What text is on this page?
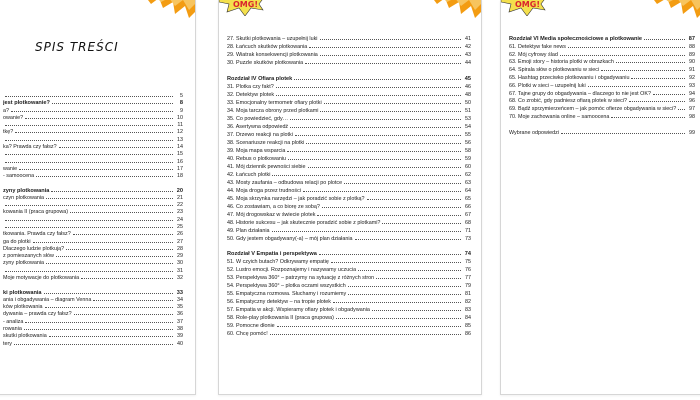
SPIS TREŚCI
5
jest plotkowanie?	8
a?	9
owanie?	10
11
tkę?	12
13
ka? Prawda czy fałsz?	14
15
16
wanie	17
- samoocena	18
zyny plotkowania	20
czyn plotkowania	21
22
kowania II (praca grupowa)	23
24
25
tkowania. Prawda czy fałsz?	26
ga do plotki	27
Dlaczego ludzie plotkują?	28
z pomieszanych słów	29
zyny plotkowania	30
31
Moje motywacje do plotkowania	32
ki plotkowania	33
ania i obgadywania – diagram Venna	34
ków plotkowania	35
dywania – prawda czy fałsz?	36
- analiza	37
rowania	38
skutki plotkowania	39
tery	40
OMG!
27. Skutki plotkowania – uzupełnij luki	41
28. Łańcuch skutków plotkowania	42
29. Wiatrak konsekwencji plotkowania	43
30. Puzzle skutków plotkowania	44
Rozdział IV Ofiara plotek	45
31. Plotka czy fakt?	46
32. Detektyw plotek	48
33. Emocjonalny termometr ofiary plotki	50
34. Moja tarcza obrony przed plotkami	51
35. Co powiedzieć, gdy…	53
36. Asertywna odpowiedź	54
37. Drzewo reakcji na plotki	55
38. Scenariusze reakcji na plotki	56
39. Moja mapa wsparcia	58
40. Rebus o plotkowaniu	59
41. Mój dziennik pewności siebie	60
42. Łańcuch plotki	62
43. Mosty zaufania – odbudowa relacji po plotce	63
44. Moja droga przez trudności	64
45. Moja skrzynka narzędzi – jak poradzić sobie z plotką?	65
46. Co zostawiam, a co biorę ze sobą?	66
47. Mój drogowskaz w świecie plotek	67
48. Historie sukcesu – jak skutecznie poradzić sobie z plotkami?	68
49. Plan działania	71
50. Gdy jestem obgadywany(-a) – mój plan działania	73
Rozdział V Empatia i perspektywa	74
51. W czyich butach? Odkrywamy empatię	75
52. Lustro emocji. Rozpoznajemy i nazywamy uczucia	76
53. Perspektywa 360° – patrzymy na sytuację z różnych stron	77
54. Perspektywa 360° – plotka oczami wszystkich	79
55. Empatyczna rozmowa. Słuchamy i rozumiemy	81
56. Empatyczny detektyw – na tropie plotek	82
57. Empatia w akcji. Wspieramy ofiary plotek i obgadywania	83
58. Role-play plotkowania II (praca grupowa)	84
59. Pomocne dłonie	85
60. Chcę pomóc!	86
OMG!
Rozdział VI Media społecznościowe a plotkowanie	87
61. Detektyw fake news	88
62. Mój cyfrowy ślad	89
63. Emoji story – historia plotki w obrazkach	90
64. Spirala słów o plotkowaniu w sieci	91
65. Hashtag przeciwko plotkowaniu i obgadywaniu	92
66. Plotki w sieci – uzupełnij luki	93
67. Tajne grupy do obgadywania – dlaczego to nie jest OK?	94
68. Co zrobić, gdy padniesz ofiarą plotek w sieci?	96
69. Bądź sprzymierzeńcem – jak pomóc ofierze obgadywania w sieci?	97
70. Moje zachowania online – samoocena	98
Wybrane odpowiedzi	99
